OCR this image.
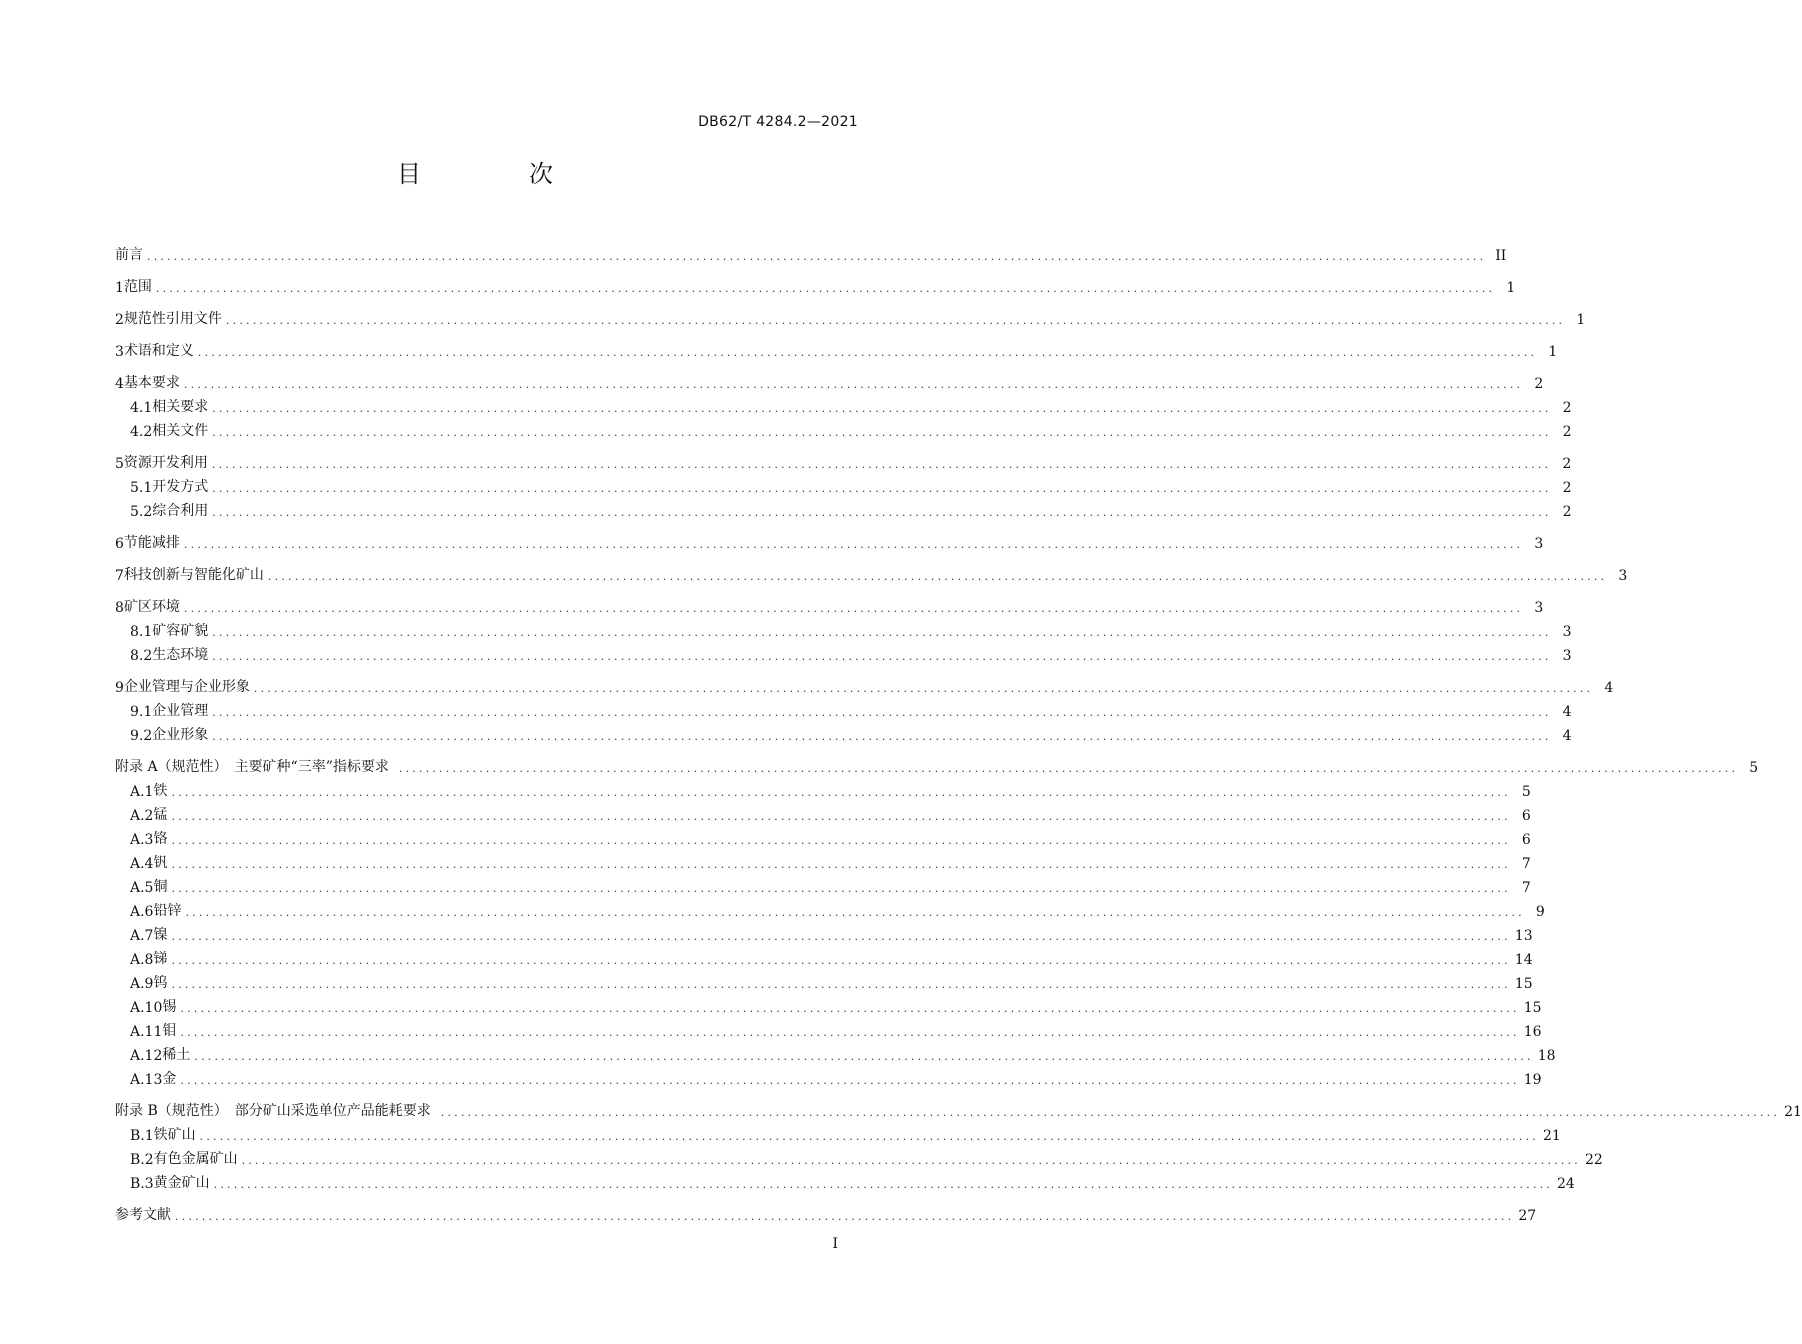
DB62/T 4284.2—2021
目　次
前言 ........................................................................................................................................................................................................ II
1 范围 ........................................................................................................................................................................................................ 1
2 规范性引用文件 ........................................................................................................................................................................................................ 1
3 术语和定义 ........................................................................................................................................................................................................ 1
4 基本要求 ........................................................................................................................................................................................................ 2
4.1 相关要求 ........................................................................................................................................................................................................ 2
4.2 相关文件 ........................................................................................................................................................................................................ 2
5 资源开发利用 ........................................................................................................................................................................................................ 2
5.1 开发方式 ........................................................................................................................................................................................................ 2
5.2 综合利用 ........................................................................................................................................................................................................ 2
6 节能减排 ........................................................................................................................................................................................................ 3
7 科技创新与智能化矿山 ........................................................................................................................................................................................................ 3
8 矿区环境 ........................................................................................................................................................................................................ 3
8.1 矿容矿貌 ........................................................................................................................................................................................................ 3
8.2 生态环境 ........................................................................................................................................................................................................ 3
9 企业管理与企业形象 ........................................................................................................................................................................................................ 4
9.1 企业管理 ........................................................................................................................................................................................................ 4
9.2 企业形象 ........................................................................................................................................................................................................ 4
附录 A（规范性）　主要矿种“三率”指标要求 ........................................................................................................................................................................................................ 5
A.1 铁 ........................................................................................................................................................................................................ 5
A.2 锰 ........................................................................................................................................................................................................ 6
A.3 铬 ........................................................................................................................................................................................................ 6
A.4 钒 ........................................................................................................................................................................................................ 7
A.5 铜 ........................................................................................................................................................................................................ 7
A.6 铅锌 ........................................................................................................................................................................................................ 9
A.7 镍 ........................................................................................................................................................................................................ 13
A.8 锑 ........................................................................................................................................................................................................ 14
A.9 钨 ........................................................................................................................................................................................................ 15
A.10 锡 ........................................................................................................................................................................................................ 15
A.11 钼 ........................................................................................................................................................................................................ 16
A.12 稀土 ........................................................................................................................................................................................................ 18
A.13 金 ........................................................................................................................................................................................................ 19
附录 B（规范性）　部分矿山采选单位产品能耗要求 ........................................................................................................................................................................................................ 21
B.1 铁矿山 ........................................................................................................................................................................................................ 21
B.2 有色金属矿山 ........................................................................................................................................................................................................ 22
B.3 黄金矿山 ........................................................................................................................................................................................................ 24
参考文献 ........................................................................................................................................................................................................ 27
I
